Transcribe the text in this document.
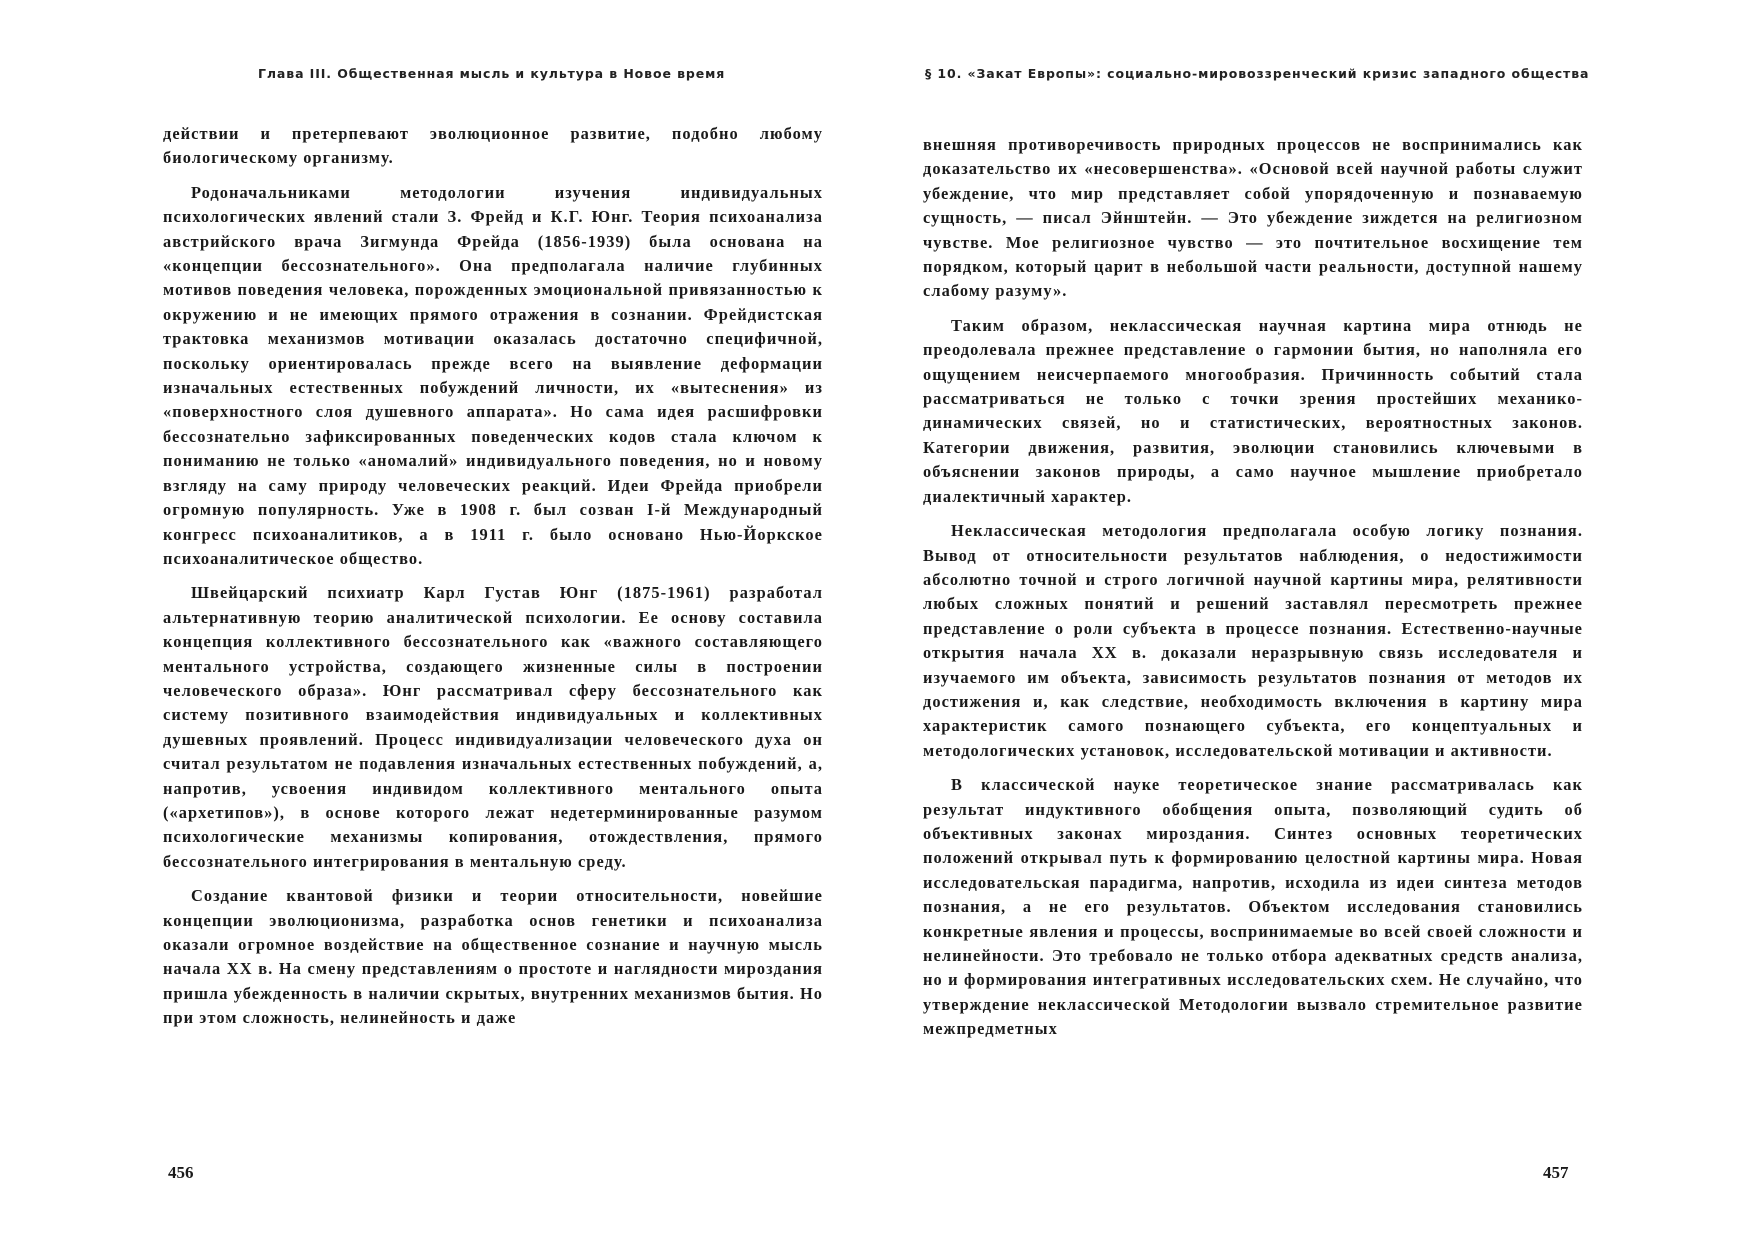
Глава III. Общественная мысль и культура в Новое время

действии и претерпевают эволюционное развитие, подобно любому биологическому организму.

Родоначальниками методологии изучения индивидуальных психологических явлений стали З. Фрейд и К.Г. Юнг. Теория психоанализа австрийского врача Зигмунда Фрейда (1856-1939) была основана на «концепции бессознательного». Она предполагала наличие глубинных мотивов поведения человека, порожденных эмоциональной привязанностью к окружению и не имеющих прямого отражения в сознании. Фрейдистская трактовка механизмов мотивации оказалась достаточно специфичной, поскольку ориентировалась прежде всего на выявление деформации изначальных естественных побуждений личности, их «вытеснения» из «поверхностного слоя душевного аппарата». Но сама идея расшифровки бессознательно зафиксированных поведенческих кодов стала ключом к пониманию не только «аномалий» индивидуального поведения, но и новому взгляду на саму природу человеческих реакций. Идеи Фрейда приобрели огромную популярность. Уже в 1908 г. был созван I-й Международный конгресс психоаналитиков, а в 1911 г. было основано Нью-Йоркское психоаналитическое общество.

Швейцарский психиатр Карл Густав Юнг (1875-1961) разработал альтернативную теорию аналитической психологии. Ее основу составила концепция коллективного бессознательного как «важного составляющего ментального устройства, создающего жизненные силы в построении человеческого образа». Юнг рассматривал сферу бессознательного как систему позитивного взаимодействия индивидуальных и коллективных душевных проявлений. Процесс индивидуализации человеческого духа он считал результатом не подавления изначальных естественных побуждений, а, напротив, усвоения индивидом коллективного ментального опыта («архетипов»), в основе которого лежат недетерминированные разумом психологические механизмы копирования, отождествления, прямого бессознательного интегрирования в ментальную среду.

Создание квантовой физики и теории относительности, новейшие концепции эволюционизма, разработка основ генетики и психоанализа оказали огромное воздействие на общественное сознание и научную мысль начала XX в. На смену представлениям о простоте и наглядности мироздания пришла убежденность в наличии скрытых, внутренних механизмов бытия. Но при этом сложность, нелинейность и даже

456
§ 10. «Закат Европы»: социально-мировоззренческий кризис западного общества

внешняя противоречивость природных процессов не воспринимались как доказательство их «несовершенства». «Основой всей научной работы служит убеждение, что мир представляет собой упорядоченную и познаваемую сущность, — писал Эйнштейн. — Это убеждение зиждется на религиозном чувстве. Мое религиозное чувство — это почтительное восхищение тем порядком, который царит в небольшой части реальности, доступной нашему слабому разуму».

Таким образом, неклассическая научная картина мира отнюдь не преодолевала прежнее представление о гармонии бытия, но наполняла его ощущением неисчерпаемого многообразия. Причинность событий стала рассматриваться не только с точки зрения простейших механико-динамических связей, но и статистических, вероятностных законов. Категории движения, развития, эволюции становились ключевыми в объяснении законов природы, а само научное мышление приобретало диалектичный характер.

Неклассическая методология предполагала особую логику познания. Вывод от относительности результатов наблюдения, о недостижимости абсолютно точной и строго логичной научной картины мира, релятивности любых сложных понятий и решений заставлял пересмотреть прежнее представление о роли субъекта в процессе познания. Естественно-научные открытия начала XX в. доказали неразрывную связь исследователя и изучаемого им объекта, зависимость результатов познания от методов их достижения и, как следствие, необходимость включения в картину мира характеристик самого познающего субъекта, его концептуальных и методологических установок, исследовательской мотивации и активности.

В классической науке теоретическое знание рассматривалась как результат индуктивного обобщения опыта, позволяющий судить об объективных законах мироздания. Синтез основных теоретических положений открывал путь к формированию целостной картины мира. Новая исследовательская парадигма, напротив, исходила из идеи синтеза методов познания, а не его результатов. Объектом исследования становились конкретные явления и процессы, воспринимаемые во всей своей сложности и нелинейности. Это требовало не только отбора адекватных средств анализа, но и формирования интегративных исследовательских схем. Не случайно, что утверждение неклассической Методологии вызвало стремительное развитие межпредметных

457
